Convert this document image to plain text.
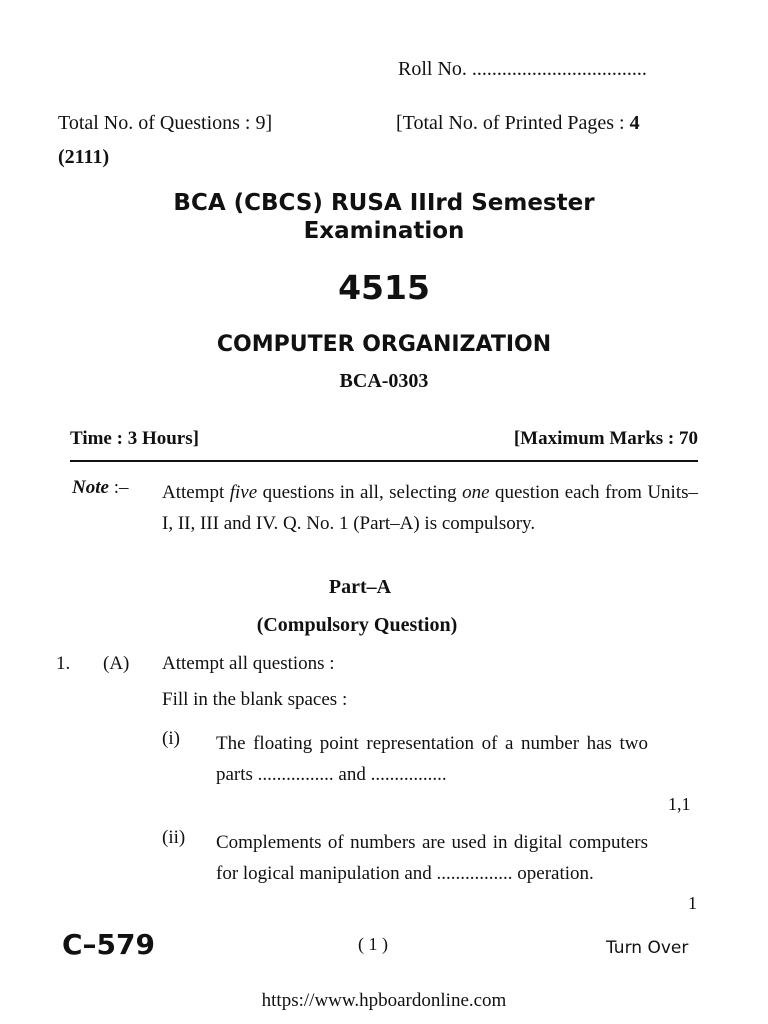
Roll No. ...................................
Total No. of Questions : 9]	[Total No. of Printed Pages : 4
(2111)
BCA (CBCS) RUSA IIIrd Semester
Examination
4515
COMPUTER ORGANIZATION
BCA-0303
Time : 3 Hours]	[Maximum Marks : 70
Note :– Attempt five questions in all, selecting one question each from Units–I, II, III and IV. Q. No. 1 (Part–A) is compulsory.
Part–A
(Compulsory Question)
1. (A) Attempt all questions :
Fill in the blank spaces :
(i) The floating point representation of a number has two parts ................ and ................
1,1
(ii) Complements of numbers are used in digital computers for logical manipulation and ................ operation.
1
C–579	( 1 )	Turn Over
https://www.hpboardonline.com
